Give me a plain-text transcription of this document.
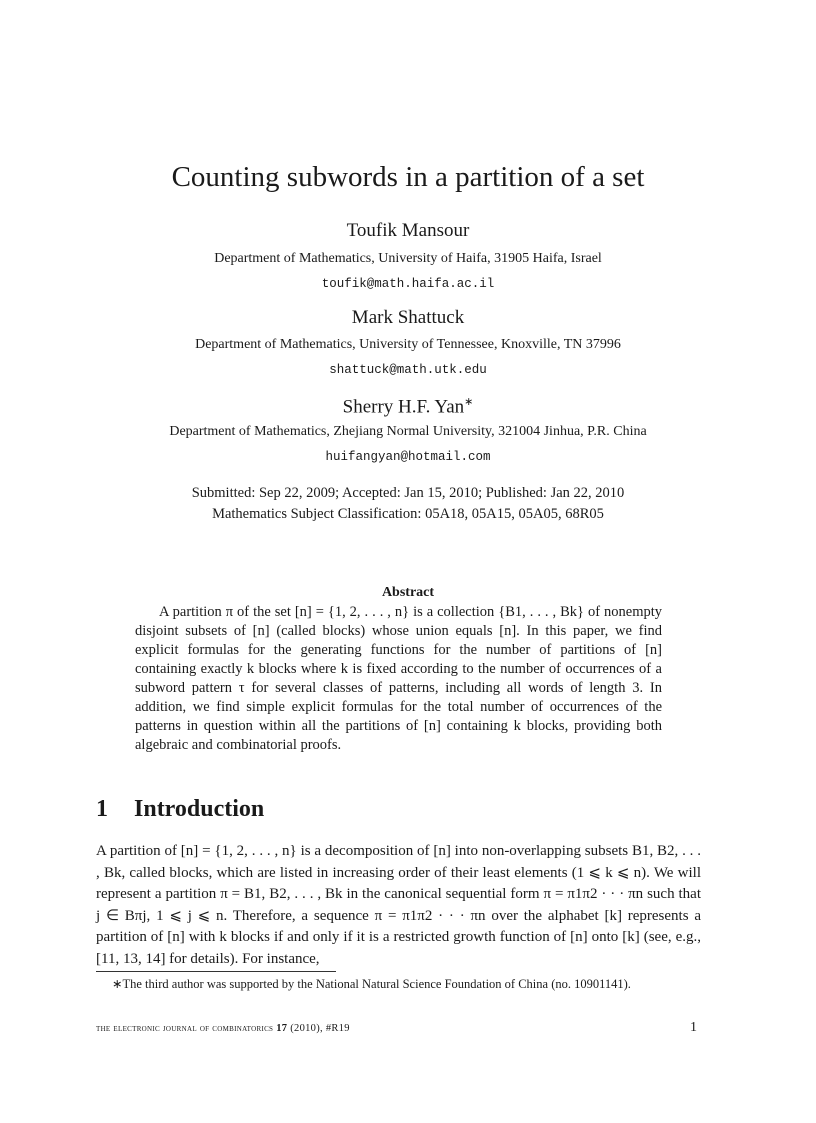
Counting subwords in a partition of a set
Toufik Mansour
Department of Mathematics, University of Haifa, 31905 Haifa, Israel
toufik@math.haifa.ac.il
Mark Shattuck
Department of Mathematics, University of Tennessee, Knoxville, TN 37996
shattuck@math.utk.edu
Sherry H.F. Yan∗
Department of Mathematics, Zhejiang Normal University, 321004 Jinhua, P.R. China
huifangyan@hotmail.com
Submitted: Sep 22, 2009; Accepted: Jan 15, 2010; Published: Jan 22, 2010
Mathematics Subject Classification: 05A18, 05A15, 05A05, 68R05
Abstract

A partition π of the set [n] = {1, 2, . . . , n} is a collection {B1, . . . , Bk} of nonempty disjoint subsets of [n] (called blocks) whose union equals [n]. In this paper, we find explicit formulas for the generating functions for the number of partitions of [n] containing exactly k blocks where k is fixed according to the number of occurrences of a subword pattern τ for several classes of patterns, including all words of length 3. In addition, we find simple explicit formulas for the total number of occurrences of the patterns in question within all the partitions of [n] containing k blocks, providing both algebraic and combinatorial proofs.

1 Introduction

A partition of [n] = {1, 2, . . . , n} is a decomposition of [n] into non-overlapping subsets B1, B2, . . . , Bk, called blocks, which are listed in increasing order of their least elements (1 ⩽ k ⩽ n). We will represent a partition π = B1, B2, . . . , Bk in the canonical sequential form π = π1π2 · · · πn such that j ∈ Bπj, 1 ⩽ j ⩽ n. Therefore, a sequence π = π1π2 · · · πn over the alphabet [k] represents a partition of [n] with k blocks if and only if it is a restricted growth function of [n] onto [k] (see, e.g., [11, 13, 14] for details). For instance,

∗The third author was supported by the National Natural Science Foundation of China (no. 10901141).
the electronic journal of combinatorics 17 (2010), #R19	1
